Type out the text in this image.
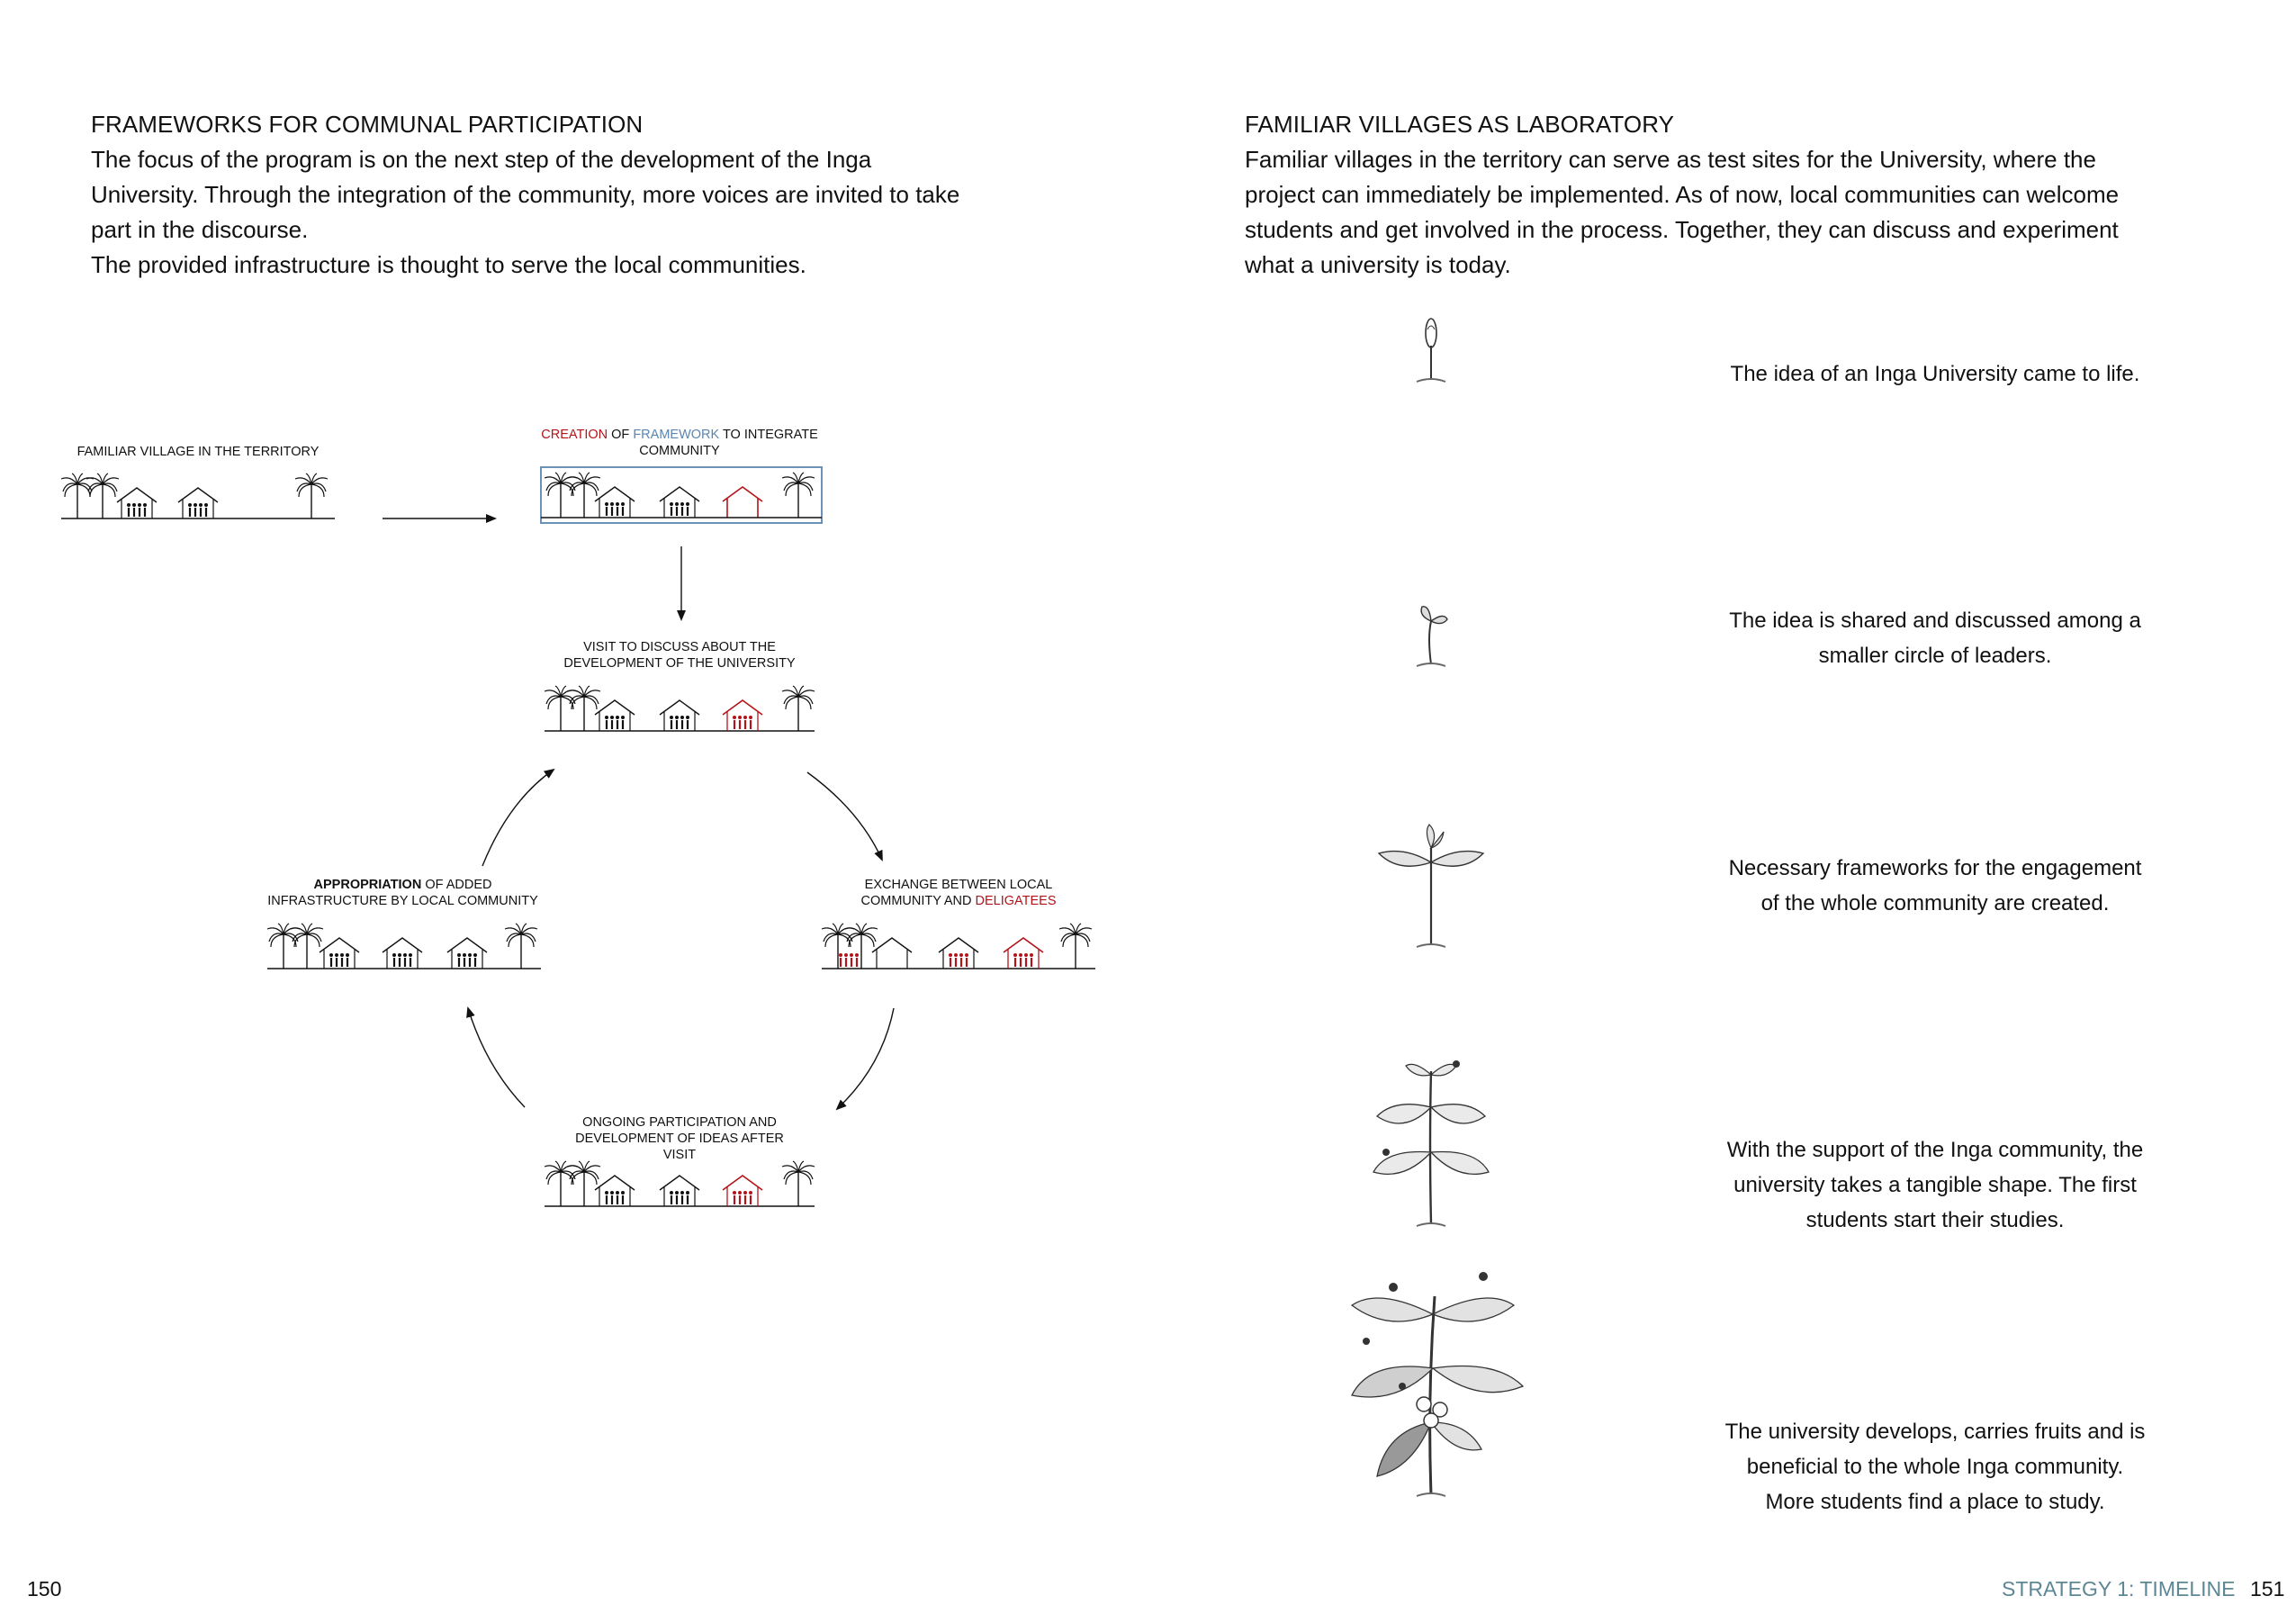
FRAMEWORKS FOR COMMUNAL PARTICIPATION
The focus of the program is on the next step of the development of the Inga University. Through the integration of the community, more voices are invited to take part in the discourse.
The provided infrastructure is thought to serve the local communities.
FAMILIAR VILLAGE IN THE TERRITORY
CREATION OF FRAMEWORK TO INTEGRATE COMMUNITY
VISIT TO DISCUSS ABOUT THE DEVELOPMENT OF THE UNIVERSITY
APPROPRIATION OF ADDED INFRASTRUCTURE BY LOCAL COMMUNITY
EXCHANGE BETWEEN LOCAL COMMUNITY AND DELIGATEES
ONGOING PARTICIPATION AND DEVELOPMENT OF IDEAS AFTER VISIT
150
FAMILIAR VILLAGES AS LABORATORY
Familiar villages in the territory can serve as test sites for the University, where the project can immediately be implemented. As of now, local communities can welcome students and get involved in the process. Together, they can discuss and experiment what a university is today.
The idea of an Inga University came to life.
The idea is shared and discussed among a smaller circle of leaders.
Necessary frameworks for the engagement of the whole community are created.
With the support of the Inga community, the university takes a tangible shape. The first students start their studies.
The university develops, carries fruits and is beneficial to the whole Inga community. More students find a place to study.
STRATEGY 1: TIMELINE 151
